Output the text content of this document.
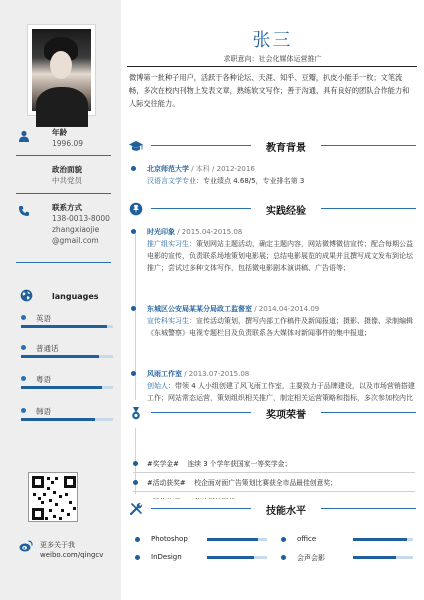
年龄
1996.09
政治面貌
中共党员
联系方式
138-0013-8000
zhangxiaojie
@gmail.com
languages
英语
普通话
粤语
韩语
更多关于我
weibo.com/qingcv
张三
求职意向：社会化媒体运营推广
微博第一批种子用户，活跃于各种论坛、天涯、知乎、豆瓣，扒皮小能手一枚；文笔流畅，多次在校内刊物上发表文章，熟练软文写作；善于沟通、具有良好的团队合作能力和人际交往能力。
教育背景
北京师范大学 / 本科 / 2012-2016
汉语言文学专业：专业绩点 4.68/5，专业排名第 3
实践经验
时光印象 / 2015.04-2015.08
推广组实习生：策划网站主题活动，确定主题内容，网站微博微信宣传；配合每期公益电影的宣传，负责联系场地策划电影展；总结电影展览的成果并且撰写成文发布到论坛推广；尝试过多种文体写作，包括微电影剧本演讲稿、广告语等；
东城区公安局某某分局政工监督室 / 2014.04-2014.09
宣传科实习生：宣传活动策划，撰写内部工作稿件及新闻报道；摄影、摄像、录制编辑《东城警察》电视专题栏目及负责联系各大媒体对新闻事件的集中报道；
风雨工作室 / 2013.07-2015.08
创始人：带领 4 人小组创建了风飞雨工作室，主要致力于品牌建设，以及市场营销搭建工作；网站常态运营，策划组织相关推广，制定相关运营策略和指标，多次参加校内比
奖项荣誉
#奖学金# 连续 3 个学年获国家一等奖学金；
#活动获奖# 校企面对面广告策划比赛获全市品最佳创意奖；

技能水平
Photoshop	office
InDesign	会声会影
